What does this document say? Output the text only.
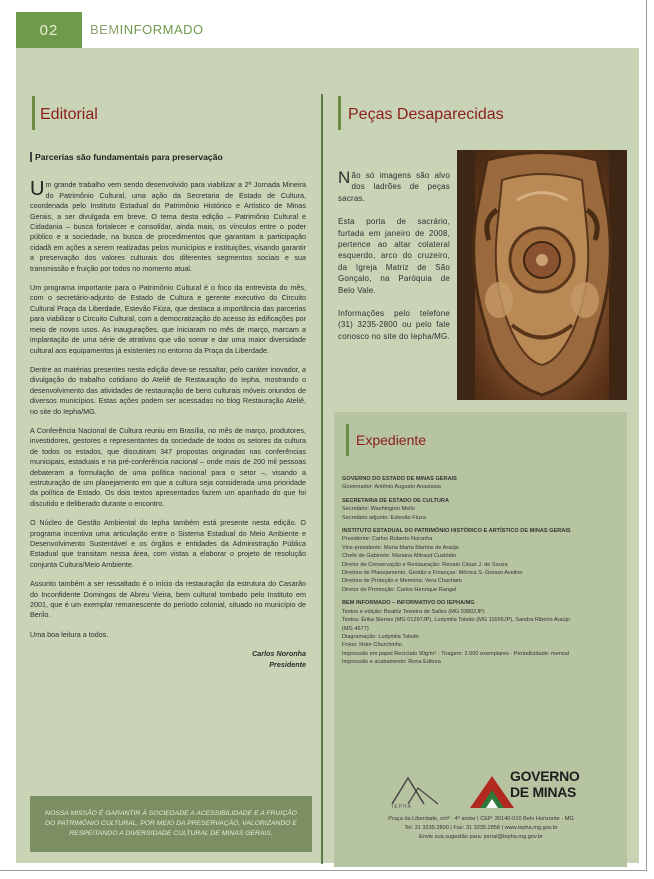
02	BEMINFORMADO
Editorial

Parcerias são fundamentais para preservação

Um grande trabalho vem sendo desenvolvido para viabilizar a 2ª Jornada Mineira do Patrimônio Cultural, uma ação da Secretaria de Estado de Cultura, coordenada pelo Instituto Estadual do Patrimônio Histórico e Artístico de Minas Gerais, a ser divulgada em breve. O tema desta edição – Patrimônio Cultural e Cidadania – busca fortalecer e consolidar, ainda mais, os vínculos entre o poder público e a sociedade, na busca de procedimentos que garantam a participação cidadã em ações a serem realizadas pelos municípios e instituições, visando garantir a preservação dos valores culturais dos diferentes segmentos sociais e sua transmissão e fruição por todos no momento atual.

Um programa importante para o Patrimônio Cultural é o foco da entrevista do mês, com o secretário-adjunto de Estado de Cultura e gerente executivo do Circuito Cultural Praça da Liberdade, Estevão Fiúza, que destaca a importância das parcerias para viabilizar o Circuito Cultural, com a democratização do acesso às edificações por meio de novos usos. As inaugurações, que iniciaram no mês de março, marcam a implantação de uma série de atrativos que vão somar e dar uma maior diversidade cultural aos equipamentos já existentes no entorno da Praça da Liberdade.

Dentre as matérias presentes nesta edição deve-se ressaltar, pelo caráter inovador, a divulgação do trabalho cotidiano do Ateliê de Restauração do Iepha, mostrando o desenvolvimento das atividades de restauração de bens culturais móveis oriundos de diversos municípios. Estas ações podem ser acessadas no blog Restauração Ateliê, no site do Iepha/MG.

A Conferência Nacional de Cultura reuniu em Brasília, no mês de março, produtores, investidores, gestores e representantes da sociedade de todos os setores da cultura de todos os estados, que discutiram 347 propostas originadas nas conferências municipais, estaduais e na pré-conferência nacional – onde mais de 200 mil pessoas debateram a formulação de uma política nacional para o setor –, visando a estruturação de um planejamento em que a cultura seja considerada uma prioridade da política de Estado. Os dois textos apresentados fazem um apanhado do que foi discutido e deliberado durante o encontro.

O Núcleo de Gestão Ambiental do Iepha também está presente nesta edição. O programa incentiva uma articulação entre o Sistema Estadual do Meio Ambiente e Desenvolvimento Sustentável e os órgãos e entidades da Administração Pública Estadual que transitam nessa área, com vistas a elaborar o projeto de resolução conjunta Cultura/Meio Ambiente.

Assunto também a ser ressaltado é o início da restauração da estrutura do Casarão do Inconfidente Domingos de Abreu Vieira, bem cultural tombado pelo Instituto em 2001, que é um exemplar remanescente do período colonial, situado no município de Berilo.

Uma boa leitura a todos.

Carlos Noronha

Presidente

NOSSA MISSÃO É GARANTIR À SOCIEDADE A ACESSIBILIDADE E A FRUIÇÃO DO PATRIMÔNIO CULTURAL, POR MEIO DA PRESERVAÇÃO, VALORIZANDO E RESPEITANDO A DIVERSIDADE CULTURAL DE MINAS GERAIS.
Peças Desaparecidas

Não só imagens são alvo dos ladrões de peças sacras.

Esta porta de sacrário, furtada em janeiro de 2008, pertence ao altar colateral esquerdo, arco do cruzeiro, da Igreja Matriz de São Gonçalo, na Paróquia de Belo Vale.

Informações pelo telefone (31) 3235-2800 ou pelo fale conosco no site do Iepha/MG.

Expediente
GOVERNO DO ESTADO DE MINAS GERAIS
Governador: Antônio Augusto Anastasia
SECRETARIA DE ESTADO DE CULTURA
Secretário: Washington Mello
Secretário adjunto: Estevão Fiúza
INSTITUTO ESTADUAL DO PATRIMÔNIO HISTÓRICO E ARTÍSTICO DE MINAS GERAIS
Presidente: Carlos Roberto Noronha
Vice-presidente: Maria Marta Martins de Araújo
Chefe de Gabinete: Mariana Mitraud Custódio
Diretor de Conservação e Restauração: Renato César J. de Souza
Diretora de Planejamento, Gestão e Finanças: Mônica S. Grosso Avelino
Diretora de Proteção e Memória: Vera Chacham
Diretor de Promoção: Carlos Henrique Rangel
BEM INFORMADO – INFORMATIVO DO IEPHA/MG
Textos e edição: Beatriz Teixeira de Salles (MG 03802JP)
Textos: Érika Sierres (MG 01297JP), Ludymila Toledo (MG 11656JP), Sandra Ribeiro Araújo
(MG 4677)
Diagramação: Ludymila Toledo
Fotos: Iêdor Churchinho
Impressão em papel Reciclato 90g/m² · Tiragem: 2.000 exemplares · Periodicidade: mensal
Impressão e acabamento: Rona Editora
GOVERNO
DE MINAS
IEPHA
Praça da Liberdade, s/nº · 4º andar | CEP: 30140-010 Belo Horizonte · MG
Tel: 31 3235.2800 | Fax: 31 3235.2858 | www.iepha.mg.gov.br
Envie sua sugestão para: jornal@iepha.mg.gov.br
